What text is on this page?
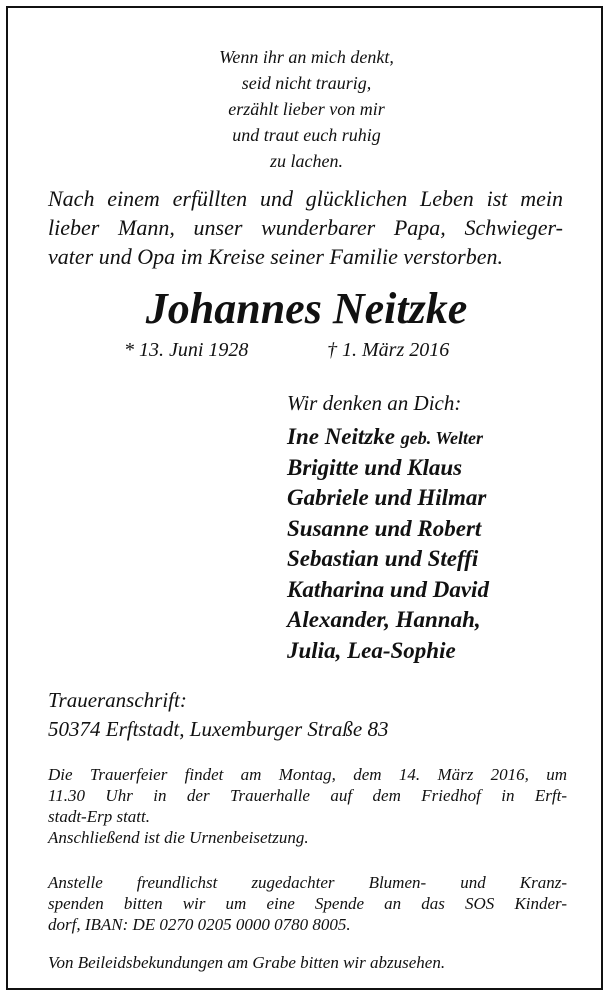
Wenn ihr an mich denkt,
seid nicht traurig,
erzählt lieber von mir
und traut euch ruhig
zu lachen.
Nach einem erfüllten und glücklichen Leben ist mein
lieber Mann, unser wunderbarer Papa, Schwieger-
vater und Opa im Kreise seiner Familie verstorben.
Johannes Neitzke
* 13. Juni 1928	† 1. März 2016
Wir denken an Dich:
Ine Neitzke geb. Welter
Brigitte und Klaus
Gabriele und Hilmar
Susanne und Robert
Sebastian und Steffi
Katharina und David
Alexander, Hannah,
Julia, Lea-Sophie
Traueranschrift:
50374 Erftstadt, Luxemburger Straße 83
Die Trauerfeier findet am Montag, dem 14. März 2016, um
11.30 Uhr in der Trauerhalle auf dem Friedhof in Erft-
stadt-Erp statt.
Anschließend ist die Urnenbeisetzung.
Anstelle freundlichst zugedachter Blumen- und Kranz-
spenden bitten wir um eine Spende an das SOS Kinder-
dorf, IBAN: DE 0270 0205 0000 0780 8005.
Von Beileidsbekundungen am Grabe bitten wir abzusehen.
